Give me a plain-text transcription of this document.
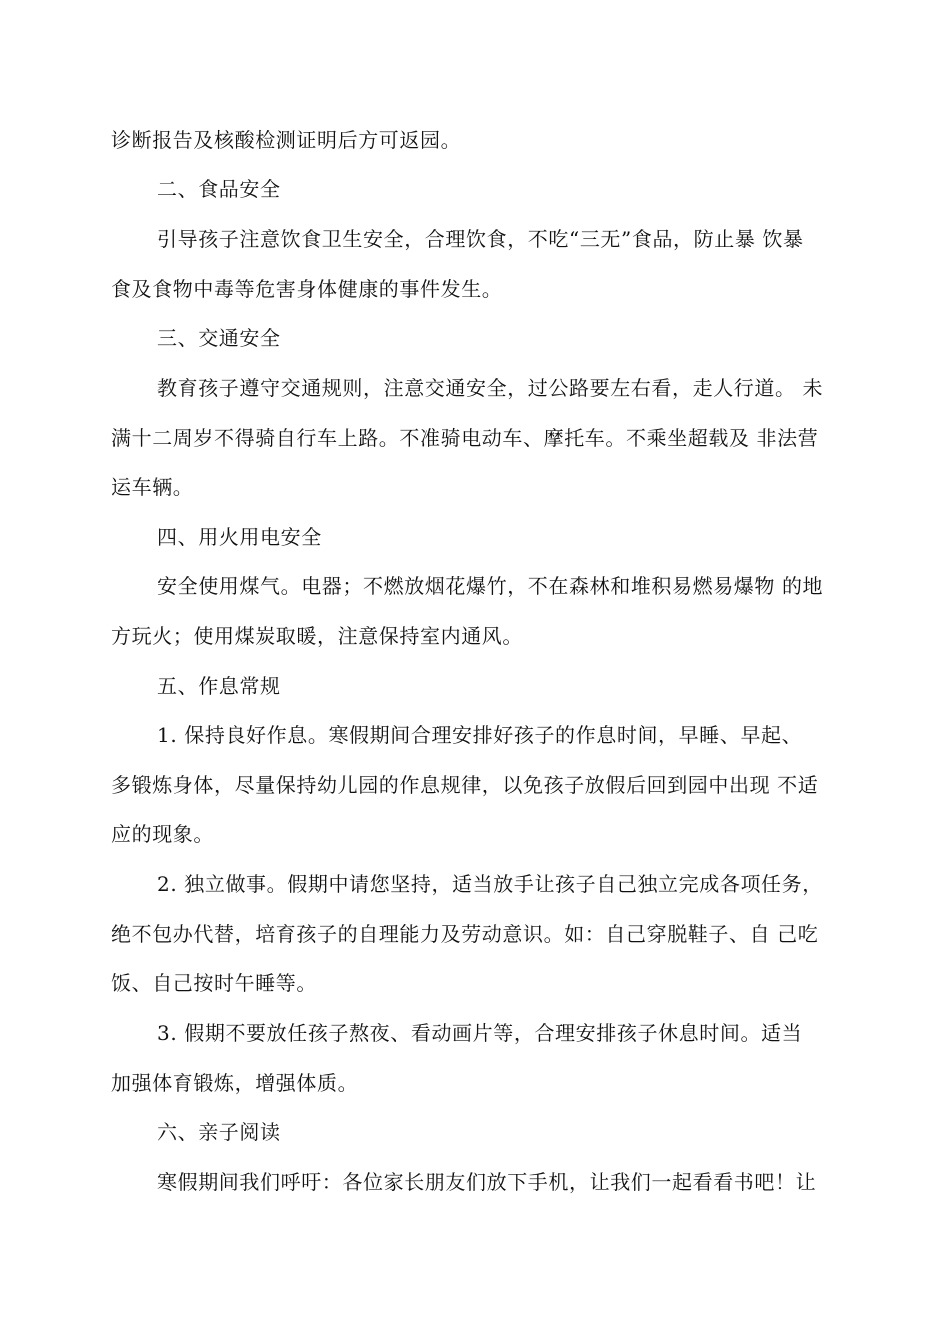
诊断报告及核酸检测证明后方可返园。
二、食品安全
引导孩子注意饮食卫生安全，合理饮食，不吃“三无”食品，防止暴 饮暴
食及食物中毒等危害身体健康的事件发生。
三、交通安全
教育孩子遵守交通规则，注意交通安全，过公路要左右看，走人行道。 未
满十二周岁不得骑自行车上路。不准骑电动车、摩托车。不乘坐超载及 非法营
运车辆。
四、用火用电安全
安全使用煤气。电器；不燃放烟花爆竹，不在森林和堆积易燃易爆物 的地
方玩火；使用煤炭取暖，注意保持室内通风。
五、作息常规
1. 保持良好作息。寒假期间合理安排好孩子的作息时间，早睡、早起、
多锻炼身体，尽量保持幼儿园的作息规律，以免孩子放假后回到园中出现 不适
应的现象。
2. 独立做事。假期中请您坚持，适当放手让孩子自己独立完成各项任务，
绝不包办代替，培育孩子的自理能力及劳动意识。如：自己穿脱鞋子、自 己吃
饭、自己按时午睡等。
3. 假期不要放任孩子熬夜、看动画片等，合理安排孩子休息时间。适当
加强体育锻炼，增强体质。
六、亲子阅读
寒假期间我们呼吁：各位家长朋友们放下手机，让我们一起看看书吧！让
